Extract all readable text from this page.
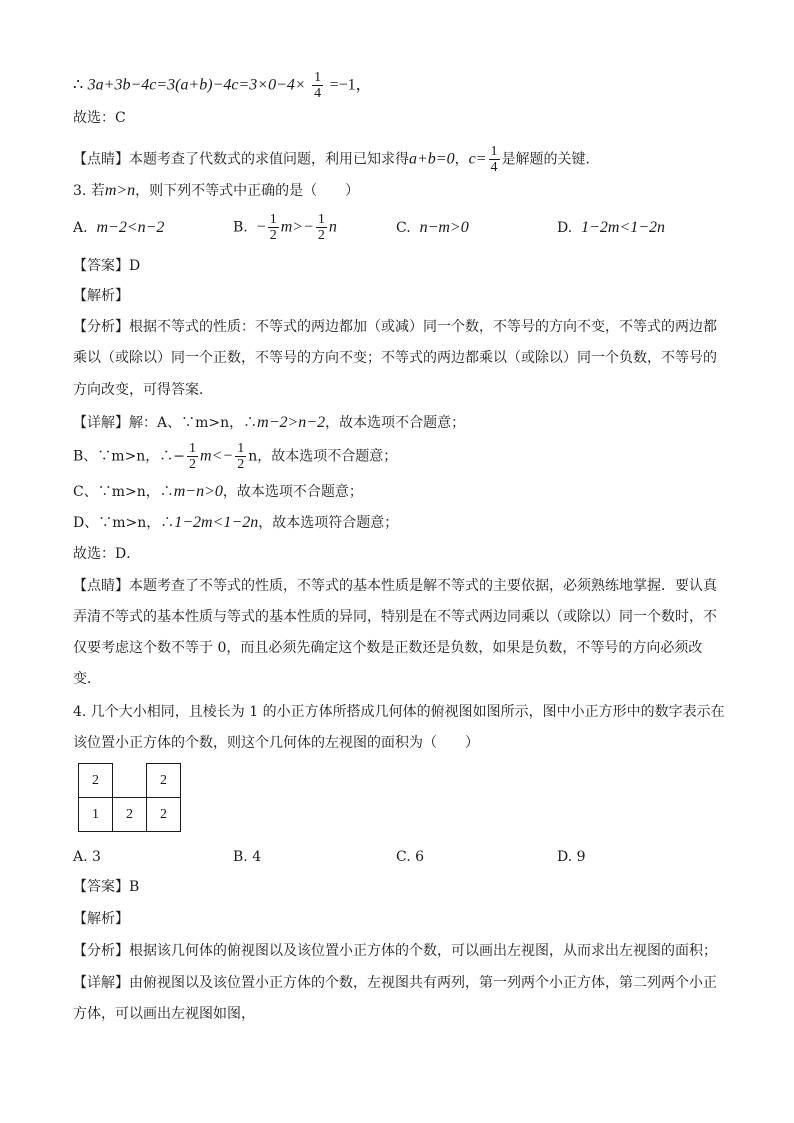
∴ $3a+3b-4c=3(a+b)-4c=3\times 0-4\times \frac{1}{4} =-1$，
故选：C
【点睛】本题考查了代数式的求值问题，利用已知求得a+b=0，$c= \frac{1}{4}$ 是解题的关键．
3. 若m>n，则下列不等式中正确的是（　　）
A. m−2<n−2	B. − $\frac{1}{2} m>- \frac{1}{2}$ n	C. n−m>0	D. 1−2m<1−2n
【答案】D
【解析】
【分析】根据不等式的性质：不等式的两边都加（或减）同一个数，不等号的方向不变，不等式的两边都
乘以（或除以）同一个正数，不等号的方向不变；不等式的两边都乘以（或除以）同一个负数，不等号的
方向改变，可得答案．
【详解】解：A、∵m>n，∴m−2>n−2，故本选项不合题意；
B、∵m>n，∴− $\frac{1}{2} m<- \frac{1}{2}$ n，故本选项不合题意；
C、∵m>n，∴m−n>0，故本选项不合题意；
D、∵m>n，∴1−2m<1−2n，故本选项符合题意；
故选：D．
【点睛】本题考查了不等式的性质，不等式的基本性质是解不等式的主要依据，必须熟练地掌握．要认真
弄清不等式的基本性质与等式的基本性质的异同，特别是在不等式两边同乘以（或除以）同一个数时，不
仅要考虑这个数不等于 0，而且必须先确定这个数是正数还是负数，如果是负数，不等号的方向必须改
变．
4. 几个大小相同，且棱长为 1 的小正方体所搭成几何体的俯视图如图所示，图中小正方形中的数字表示在
该位置小正方体的个数，则这个几何体的左视图的面积为（　　）
2		2
1	2	2
A. 3	B. 4	C. 6	D. 9
【答案】B
【解析】
【分析】根据该几何体的俯视图以及该位置小正方体的个数，可以画出左视图，从而求出左视图的面积；
【详解】由俯视图以及该位置小正方体的个数，左视图共有两列，第一列两个小正方体，第二列两个小正
方体，可以画出左视图如图，
